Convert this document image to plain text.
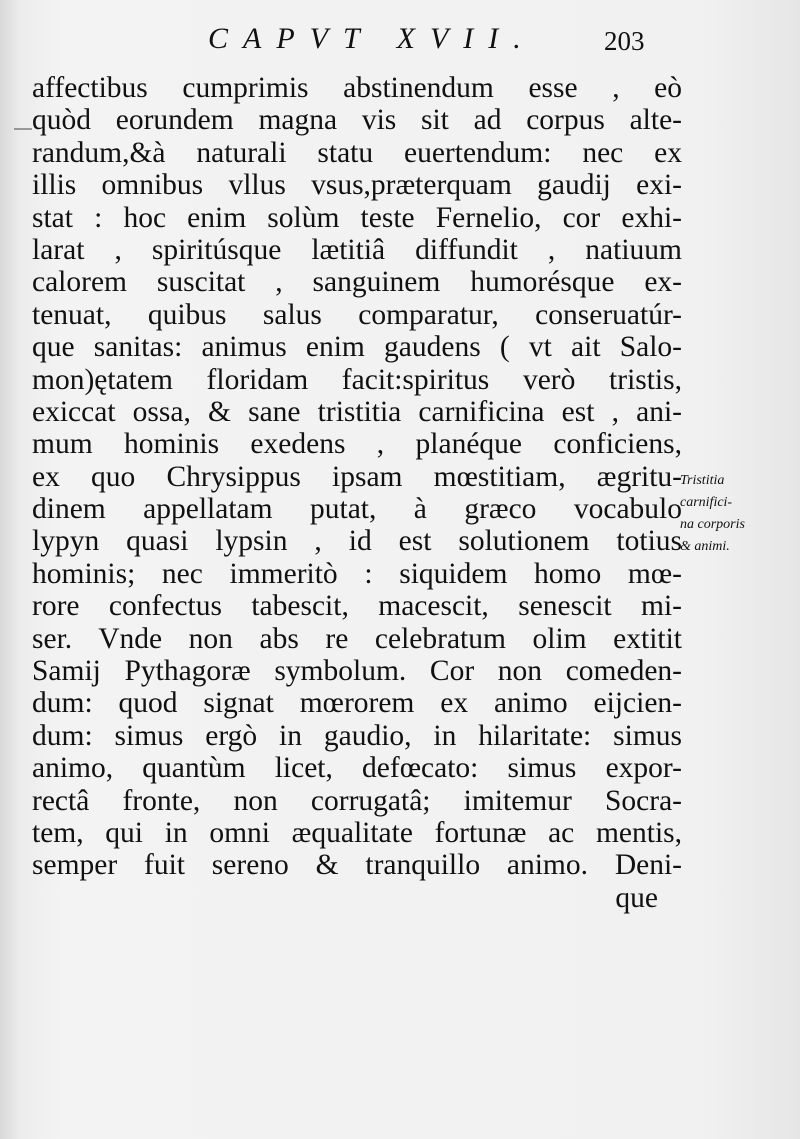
CAPVT XVII.	203
affectibus cumprimis abstinendum esse , eò
quòd eorundem magna vis sit ad corpus alte-
randum,&à naturali statu euertendum: nec ex
illis omnibus vllus vsus,præterquam gaudij exi-
stat : hoc enim solùm teste Fernelio, cor exhi-
larat , spiritúsque lætitiâ diffundit , natiuum
calorem suscitat , sanguinem humorésque ex-
tenuat, quibus salus comparatur, conseruatúr-
que sanitas: animus enim gaudens ( vt ait Salo-
mon)ętatem floridam facit:spiritus verò tristis,
exiccat ossa, & sane tristitia carnificina est , ani-
mum hominis exedens , planéque conficiens,
ex quo Chrysippus ipsam mœstitiam, ægritu-
dinem appellatam putat, à græco vocabulo
lypyn quasi lypsin , id est solutionem totius
hominis; nec immeritò : siquidem homo mœ-
rore confectus tabescit, macescit, senescit mi-
ser. Vnde non abs re celebratum olim extitit
Samij Pythagoræ symbolum. Cor non comeden-
dum: quod signat mœrorem ex animo eijcien-
dum: simus ergò in gaudio, in hilaritate: simus
animo, quantùm licet, defœcato: simus expor-
rectâ fronte, non corrugatâ; imitemur Socra-
tem, qui in omni æqualitate fortunæ ac mentis,
semper fuit sereno & tranquillo animo. Deni-
que
Tristitia
carnifici-
na corporis
& animi.
